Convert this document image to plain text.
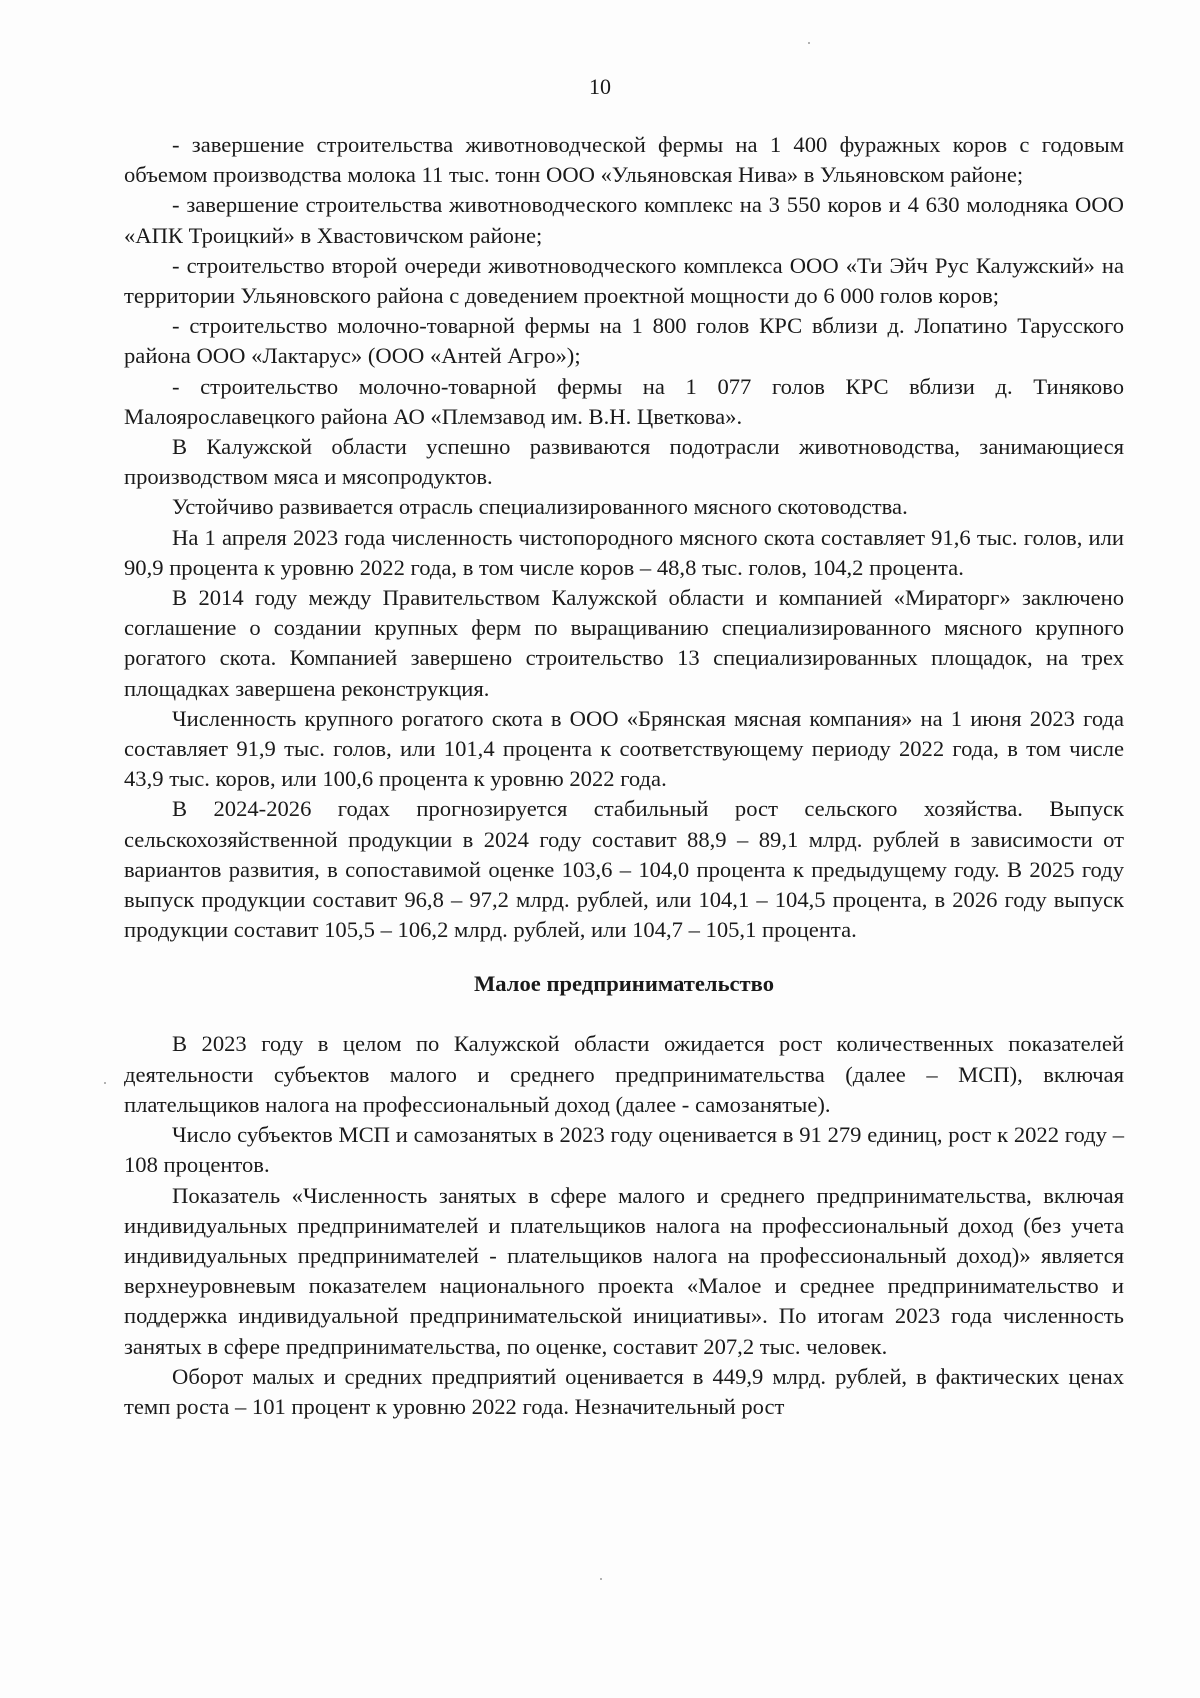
10

- завершение строительства животноводческой фермы на 1 400 фуражных коров с годовым объемом производства молока 11 тыс. тонн ООО «Ульяновская Нива» в Ульяновском районе;

- завершение строительства животноводческого комплекс на 3 550 коров и 4 630 молодняка ООО «АПК Троицкий» в Хвастовичском районе;

- строительство второй очереди животноводческого комплекса ООО «Ти Эйч Рус Калужский» на территории Ульяновского района с доведением проектной мощности до 6 000 голов коров;

- строительство молочно-товарной фермы на 1 800 голов КРС вблизи д. Лопатино Тарусского района ООО «Лактарус» (ООО «Антей Агро»);

- строительство молочно-товарной фермы на 1 077 голов КРС вблизи д. Тиняково Малоярославецкого района АО «Племзавод им. В.Н. Цветкова».

В Калужской области успешно развиваются подотрасли животноводства, занимающиеся производством мяса и мясопродуктов.

Устойчиво развивается отрасль специализированного мясного скотоводства.

На 1 апреля 2023 года численность чистопородного мясного скота составляет 91,6 тыс. голов, или 90,9 процента к уровню 2022 года, в том числе коров – 48,8 тыс. голов, 104,2 процента.

В 2014 году между Правительством Калужской области и компанией «Мираторг» заключено соглашение о создании крупных ферм по выращиванию специализированного мясного крупного рогатого скота. Компанией завершено строительство 13 специализированных площадок, на трех площадках завершена реконструкция.

Численность крупного рогатого скота в ООО «Брянская мясная компания» на 1 июня 2023 года составляет 91,9 тыс. голов, или 101,4 процента к соответствующему периоду 2022 года, в том числе 43,9 тыс. коров, или 100,6 процента к уровню 2022 года.

В 2024-2026 годах прогнозируется стабильный рост сельского хозяйства. Выпуск сельскохозяйственной продукции в 2024 году составит 88,9 – 89,1 млрд. рублей в зависимости от вариантов развития, в сопоставимой оценке 103,6 – 104,0 процента к предыдущему году. В 2025 году выпуск продукции составит 96,8 – 97,2 млрд. рублей, или 104,1 – 104,5 процента, в 2026 году выпуск продукции составит 105,5 – 106,2 млрд. рублей, или 104,7 – 105,1 процента.

Малое предпринимательство

В 2023 году в целом по Калужской области ожидается рост количественных показателей деятельности субъектов малого и среднего предпринимательства (далее – МСП), включая плательщиков налога на профессиональный доход (далее - самозанятые).

Число субъектов МСП и самозанятых в 2023 году оценивается в 91 279 единиц, рост к 2022 году – 108 процентов.

Показатель «Численность занятых в сфере малого и среднего предпринимательства, включая индивидуальных предпринимателей и плательщиков налога на профессиональный доход (без учета индивидуальных предпринимателей - плательщиков налога на профессиональный доход)» является верхнеуровневым показателем национального проекта «Малое и среднее предпринимательство и поддержка индивидуальной предпринимательской инициативы». По итогам 2023 года численность занятых в сфере предпринимательства, по оценке, составит 207,2 тыс. человек.

Оборот малых и средних предприятий оценивается в 449,9 млрд. рублей, в фактических ценах темп роста – 101 процент к уровню 2022 года. Незначительный рост
